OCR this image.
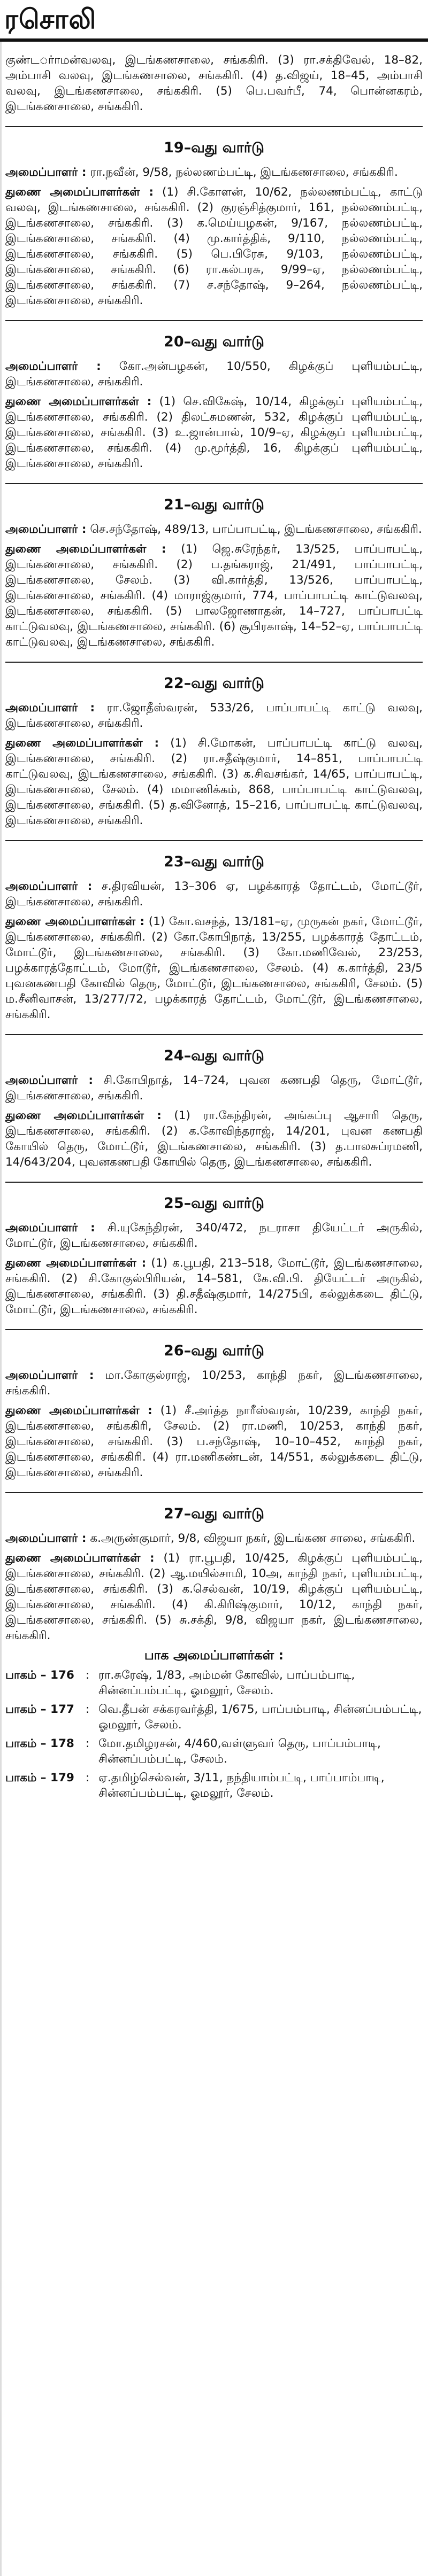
ரசொலி

குண்டர்ாமன்வலவு, இடங்கணசாலை, சங்ககிரி. (3) ரா.சக்திவேல், 18–82, அம்பாசி வலவு, இடங்கணசாலை, சங்ககிரி. (4) த.விஜய், 18–45, அம்பாசி வலவு, இடங்கணசாலை, சங்ககிரி. (5) பெ.பவர்பீ, 74, பொன்னகரம், இடங்கணசாலை, சங்ககிரி.

19–வது வார்டு

அமைப்பாளர் : ரா.நவீன், 9/58, நல்லணம்பட்டி, இடங்கணசாலை, சங்ககிரி.

துணை அமைப்பாளர்கள் : (1) சி.கோளன், 10/62, நல்லணம்பட்டி, காட்டு வலவு, இடங்கணசாலை, சங்ககிரி. (2) குரஞ்சித்குமார், 161, நல்லணம்பட்டி, இடங்கணசாலை, சங்ககிரி. (3) க.மெய்யழகன், 9/167, நல்லணம்பட்டி, இடங்கணசாலை, சங்ககிரி. (4) மு.கார்த்திக், 9/110, நல்லணம்பட்டி, இடங்கணசாலை, சங்ககிரி. (5) பெ.பிரேசு, 9/103, நல்லணம்பட்டி, இடங்கணசாலை, சங்ககிரி. (6) ரா.கல்பரசு, 9/99–ஏ, நல்லணம்பட்டி, இடங்கணசாலை, சங்ககிரி. (7) ச.சந்தோஷ், 9–264, நல்லணம்பட்டி, இடங்கணசாலை, சங்ககிரி.

20–வது வார்டு

அமைப்பாளர் : கோ.அன்பழகன், 10/550, கிழக்குப் புளியம்பட்டி, இடங்கணசாலை, சங்ககிரி.

துணை அமைப்பாளர்கள் : (1) செ.விகேஷ், 10/14, கிழக்குப் புளியம்பட்டி, இடங்கணசாலை, சங்ககிரி. (2) திலட்சுமணன், 532, கிழக்குப் புளியம்பட்டி, இடங்கணசாலை, சங்ககிரி. (3) உ.ஜான்பால், 10/9–ஏ, கிழக்குப் புளியம்பட்டி, இடங்கணசாலை, சங்ககிரி. (4) மு.மூர்த்தி, 16, கிழக்குப் புளியம்பட்டி, இடங்கணசாலை, சங்ககிரி.

21–வது வார்டு

அமைப்பாளர் : செ.சந்தோஷ், 489/13, பாப்பாபட்டி, இடங்கணசாலை, சங்ககிரி.

துணை அமைப்பாளர்கள் : (1) ஜெ.சுரேந்தர், 13/525, பாப்பாபட்டி, இடங்கணசாலை, சங்ககிரி. (2) ப.தங்கராஜ், 21/491, பாப்பாபட்டி, இடங்கணசாலை, சேலம். (3) வி.கார்த்தி, 13/526, பாப்பாபட்டி, இடங்கணசாலை, சங்ககிரி. (4) மாராஜ்குமார், 774, பாப்பாபட்டி காட்டுவலவு, இடங்கணசாலை, சங்ககிரி. (5) பாலஜோணாதன், 14–727, பாப்பாபட்டி காட்டுவலவு, இடங்கணசாலை, சங்ககிரி. (6) சூபிரகாஷ், 14–52–ஏ, பாப்பாபட்டி காட்டுவலவு, இடங்கணசாலை, சங்ககிரி.

22–வது வார்டு

அமைப்பாளர் : ரா.ஜோதீஸ்வரன், 533/26, பாப்பாபட்டி காட்டு வலவு, இடங்கணசாலை, சங்ககிரி.

துணை அமைப்பாளர்கள் : (1) சி.மோகன், பாப்பாபட்டி காட்டு வலவு, இடங்கணசாலை, சங்ககிரி. (2) ரா.சதீஷ்குமார், 14–851, பாப்பாபட்டி காட்டுவலவு, இடங்கணசாலை, சங்ககிரி. (3) க.சிவசங்கர், 14/65, பாப்பாபட்டி, இடங்கணசாலை, சேலம். (4) மமாணிக்கம், 868, பாப்பாபட்டி காட்டுவலவு, இடங்கணசாலை, சங்ககிரி. (5) த.வினோத், 15–216, பாப்பாபட்டி காட்டுவலவு, இடங்கணசாலை, சங்ககிரி.

23–வது வார்டு

அமைப்பாளர் : ச.திரவியன், 13–306 ஏ, பழக்காரத் தோட்டம், மோட்டூர், இடங்கணசாலை, சங்ககிரி.

துணை அமைப்பாளர்கள் : (1) கோ.வசந்த், 13/181–ஏ, முருகன் நகர், மோட்டூர், இடங்கணசாலை, சங்ககிரி. (2) கோ.கோபிநாத், 13/255, பழக்காரத் தோட்டம், மோட்டூர், இடங்கணசாலை, சங்ககிரி. (3) கோ.மணிவேல், 23/253, பழக்காரத்தோட்டம், மோடூர், இடங்கணசாலை, சேலம். (4) க.கார்த்தி, 23/5 புவனகணபதி கோவில் தெரு, மோட்டூர், இடங்கணசாலை, சங்ககிரி, சேலம். (5) ம.சீனிவாசன், 13/277/72, பழக்காரத் தோட்டம், மோட்டூர், இடங்கணசாலை, சங்ககிரி.

24–வது வார்டு

அமைப்பாளர் : சி.கோபிநாத், 14–724, புவன கணபதி தெரு, மோட்டூர், இடங்கணசாலை, சங்ககிரி.

துணை அமைப்பாளர்கள் : (1) ரா.கேந்திரன், அங்கப்பு ஆசாரி தெரு, இடங்கணசாலை, சங்ககிரி. (2) க.கோவிந்தராஜ், 14/201, புவன கணபதி கோயில் தெரு, மோட்டூர், இடங்கணசாலை, சங்ககிரி. (3) த.பாலசுப்ரமணி, 14/643/204, புவனகணபதி கோயில் தெரு, இடங்கணசாலை, சங்ககிரி.

25–வது வார்டு

அமைப்பாளர் : சி.யுகேந்திரன், 340/472, நடராசா தியேட்டர் அருகில், மோட்டூர், இடங்கணசாலை, சங்ககிரி.

துணை அமைப்பாளர்கள் : (1) க.பூபதி, 213–518, மோட்டூர், இடங்கணசாலை, சங்ககிரி. (2) சி.கோகுல்பிரியன், 14–581, கே.வி.பி. தியேட்டர் அருகில், இடங்கணசாலை, சங்ககிரி. (3) தி.சதீஷ்குமார், 14/275பி, கல்லுக்கடை திட்டு, மோட்டூர், இடங்கணசாலை, சங்ககிரி.

26–வது வார்டு

அமைப்பாளர் : மா.கோகுல்ராஜ், 10/253, காந்தி நகர், இடங்கணசாலை, சங்ககிரி.

துணை அமைப்பாளர்கள் : (1) சீ.அர்த்த நாரீஸ்வரன், 10/239, காந்தி நகர், இடங்கணசாலை, சங்ககிரி, சேலம். (2) ரா.மணி, 10/253, காந்தி நகர், இடங்கணசாலை, சங்ககிரி. (3) ப.சந்தோஷ், 10–10–452, காந்தி நகர், இடங்கணசாலை, சங்ககிரி. (4) ரா.மணிகண்டன், 14/551, கல்லுக்கடை திட்டு, இடங்கணசாலை, சங்ககிரி.

27–வது வார்டு

அமைப்பாளர் : க.அருண்குமார், 9/8, விஜயா நகர், இடங்கண சாலை, சங்ககிரி.

துணை அமைப்பாளர்கள் : (1) ரா.பூபதி, 10/425, கிழக்குப் புளியம்பட்டி, இடங்கணசாலை, சங்ககிரி. (2) ஆ.மயில்சாமி, 10அ, காந்தி நகர், புளியம்பட்டி, இடங்கணசாலை, சங்ககிரி. (3) க.செல்வன், 10/19, கிழக்குப் புளியம்பட்டி, இடங்கணசாலை, சங்ககிரி. (4) கி.கிரிஷ்குமார், 10/12, காந்தி நகர், இடங்கணசாலை, சங்ககிரி. (5) சு.சக்தி, 9/8, விஜயா நகர், இடங்கணசாலை, சங்ககிரி.

பாக அமைப்பாளர்கள் :
பாகம் – 176 : ரா.சுரேஷ், 1/83, அம்மன் கோவில், பாப்பம்பாடி, சின்னப்பம்பட்டி, ஓமலூர், சேலம்.
பாகம் – 177 : வெ.தீபன் சக்கரவர்த்தி, 1/675, பாப்பம்பாடி, சின்னப்பம்பட்டி, ஓமலூர், சேலம்.
பாகம் – 178 : மோ.தமிழரசன், 4/460,வள்ளுவர் தெரு, பாப்பம்பாடி, சின்னப்பம்பட்டி, சேலம்.
பாகம் – 179 : ஏ.தமிழ்செல்வன், 3/11, நந்தியாம்பட்டி, பாப்பாம்பாடி, சின்னப்பம்பட்டி, ஓமலூர், சேலம்.
